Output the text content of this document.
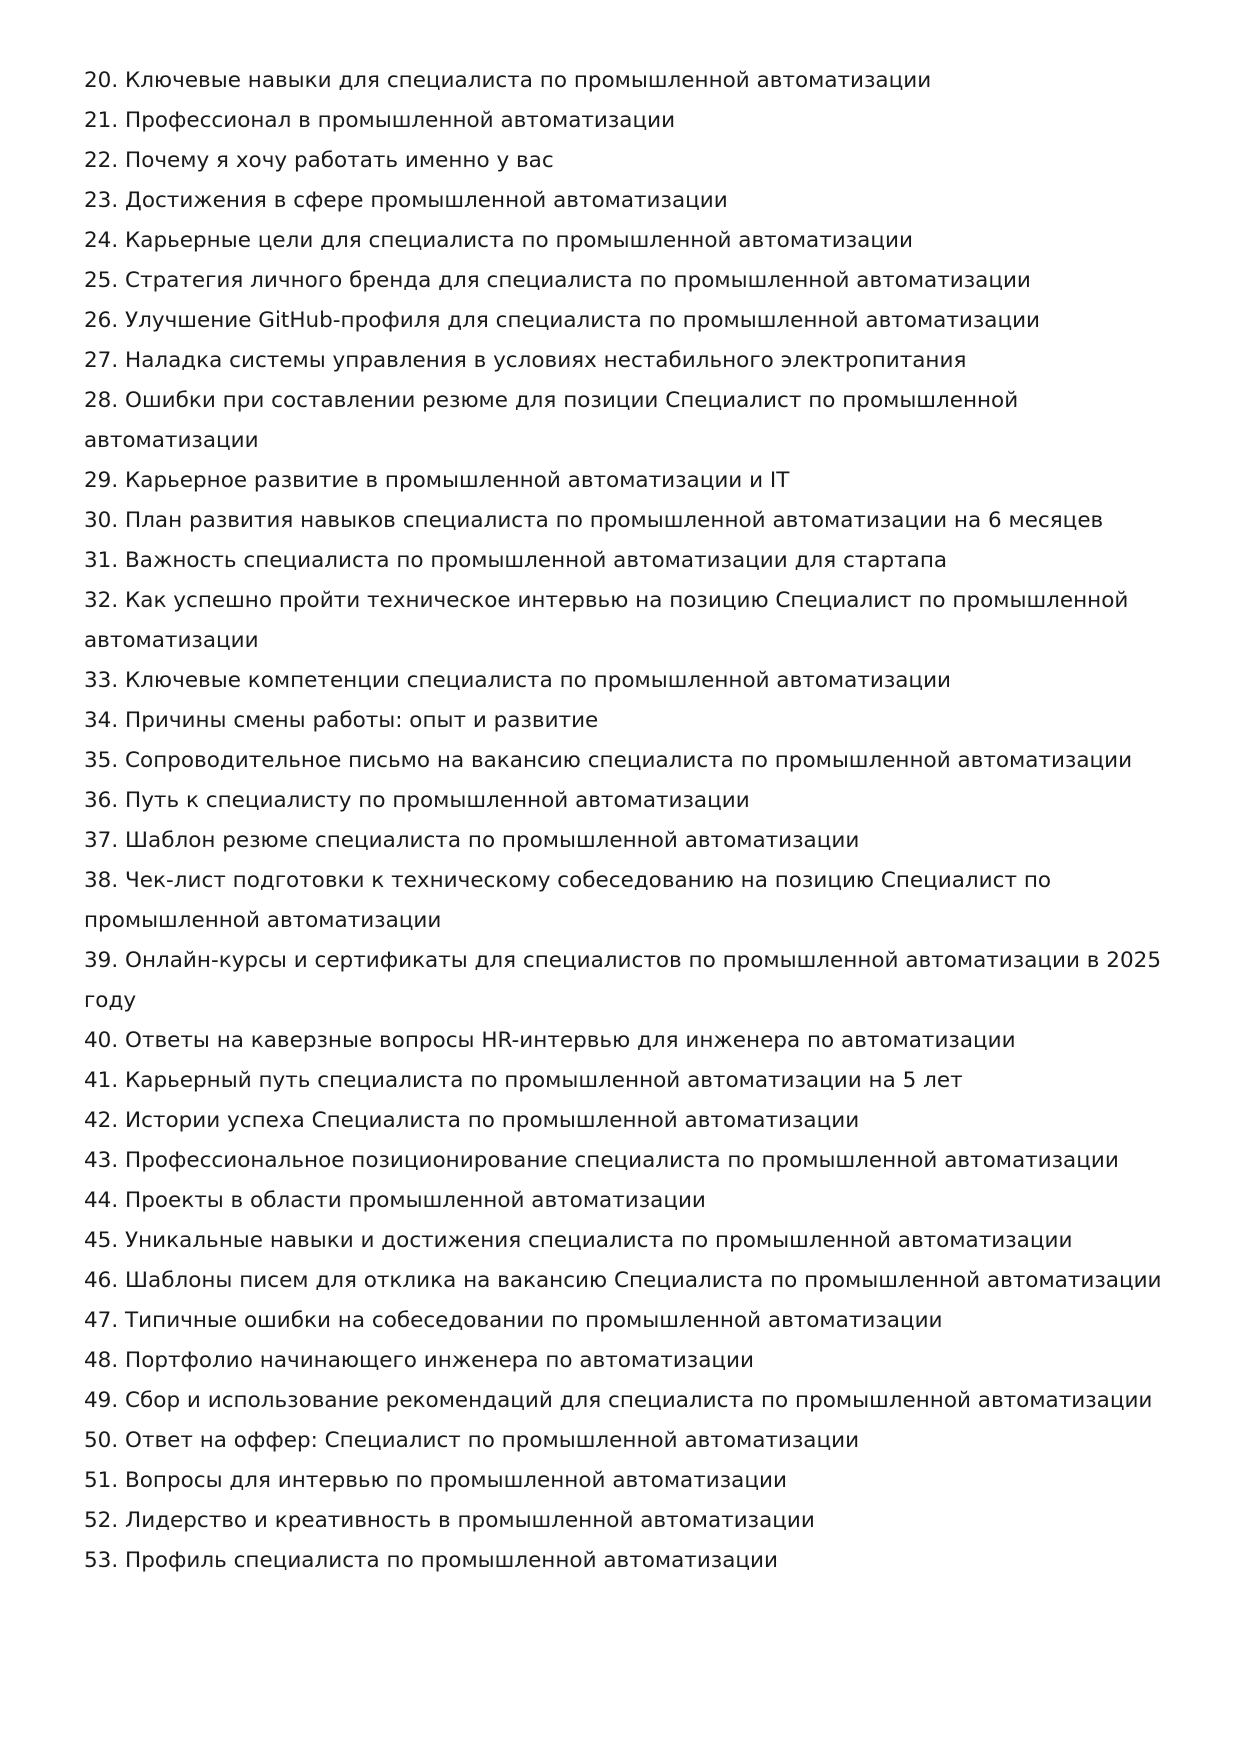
20. Ключевые навыки для специалиста по промышленной автоматизации
21. Профессионал в промышленной автоматизации
22. Почему я хочу работать именно у вас
23. Достижения в сфере промышленной автоматизации
24. Карьерные цели для специалиста по промышленной автоматизации
25. Стратегия личного бренда для специалиста по промышленной автоматизации
26. Улучшение GitHub-профиля для специалиста по промышленной автоматизации
27. Наладка системы управления в условиях нестабильного электропитания
28. Ошибки при составлении резюме для позиции Специалист по промышленной автоматизации
29. Карьерное развитие в промышленной автоматизации и IT
30. План развития навыков специалиста по промышленной автоматизации на 6 месяцев
31. Важность специалиста по промышленной автоматизации для стартапа
32. Как успешно пройти техническое интервью на позицию Специалист по промышленной автоматизации
33. Ключевые компетенции специалиста по промышленной автоматизации
34. Причины смены работы: опыт и развитие
35. Сопроводительное письмо на вакансию специалиста по промышленной автоматизации
36. Путь к специалисту по промышленной автоматизации
37. Шаблон резюме специалиста по промышленной автоматизации
38. Чек-лист подготовки к техническому собеседованию на позицию Специалист по промышленной автоматизации
39. Онлайн-курсы и сертификаты для специалистов по промышленной автоматизации в 2025 году
40. Ответы на каверзные вопросы HR-интервью для инженера по автоматизации
41. Карьерный путь специалиста по промышленной автоматизации на 5 лет
42. Истории успеха Специалиста по промышленной автоматизации
43. Профессиональное позиционирование специалиста по промышленной автоматизации
44. Проекты в области промышленной автоматизации
45. Уникальные навыки и достижения специалиста по промышленной автоматизации
46. Шаблоны писем для отклика на вакансию Специалиста по промышленной автоматизации
47. Типичные ошибки на собеседовании по промышленной автоматизации
48. Портфолио начинающего инженера по автоматизации
49. Сбор и использование рекомендаций для специалиста по промышленной автоматизации
50. Ответ на оффер: Специалист по промышленной автоматизации
51. Вопросы для интервью по промышленной автоматизации
52. Лидерство и креативность в промышленной автоматизации
53. Профиль специалиста по промышленной автоматизации
